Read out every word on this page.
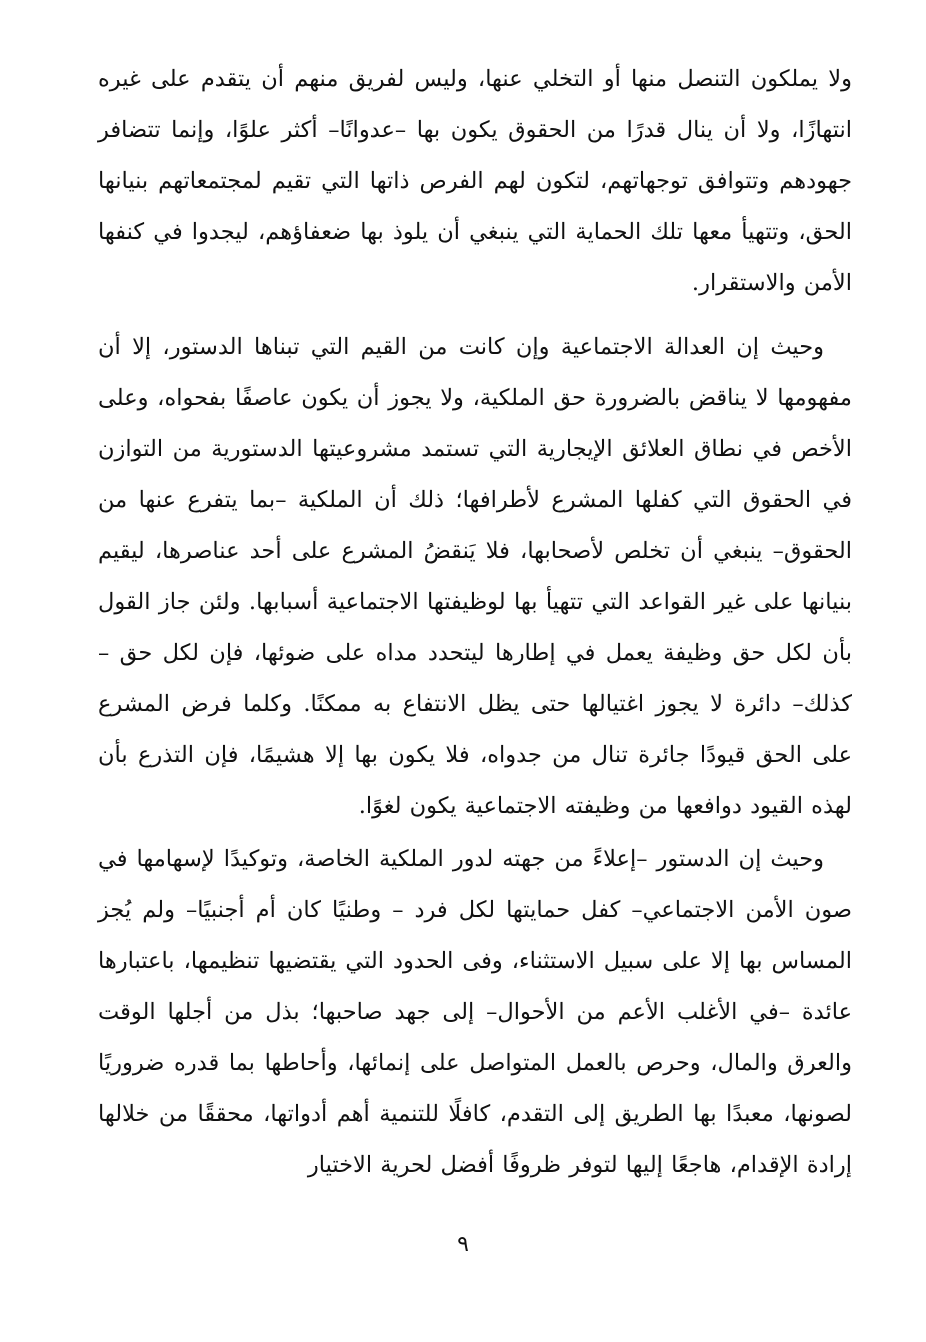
ولا يملكون التنصل منها أو التخلي عنها، وليس لفريق منهم أن يتقدم على غيره انتهازًا، ولا أن ينال قدرًا من الحقوق يكون بها –عدوانًا– أكثر علوًا، وإنما تتضافر جهودهم وتتوافق توجهاتهم، لتكون لهم الفرص ذاتها التي تقيم لمجتمعاتهم بنيانها الحق، وتتهيأ معها تلك الحماية التي ينبغي أن يلوذ بها ضعفاؤهم، ليجدوا في كنفها الأمن والاستقرار.

وحيث إن العدالة الاجتماعية وإن كانت من القيم التي تبناها الدستور، إلا أن مفهومها لا يناقض بالضرورة حق الملكية، ولا يجوز أن يكون عاصفًا بفحواه، وعلى الأخص في نطاق العلائق الإيجارية التي تستمد مشروعيتها الدستورية من التوازن في الحقوق التي كفلها المشرع لأطرافها؛ ذلك أن الملكية –بما يتفرع عنها من الحقوق– ينبغي أن تخلص لأصحابها، فلا يَنقضُ المشرع على أحد عناصرها، ليقيم بنيانها على غير القواعد التي تتهيأ بها لوظيفتها الاجتماعية أسبابها. ولئن جاز القول بأن لكل حق وظيفة يعمل في إطارها ليتحدد مداه على ضوئها، فإن لكل حق –كذلك– دائرة لا يجوز اغتيالها حتى يظل الانتفاع به ممكنًا. وكلما فرض المشرع على الحق قيودًا جائرة تنال من جدواه، فلا يكون بها إلا هشيمًا، فإن التذرع بأن لهذه القيود دوافعها من وظيفته الاجتماعية يكون لغوًا.

وحيث إن الدستور –إعلاءً من جهته لدور الملكية الخاصة، وتوكيدًا لإسهامها في صون الأمن الاجتماعي– كفل حمايتها لكل فرد – وطنيًا كان أم أجنبيًا– ولم يُجز المساس بها إلا على سبيل الاستثناء، وفى الحدود التي يقتضيها تنظيمها، باعتبارها عائدة –في الأغلب الأعم من الأحوال– إلى جهد صاحبها؛ بذل من أجلها الوقت والعرق والمال، وحرص بالعمل المتواصل على إنمائها، وأحاطها بما قدره ضروريًا لصونها، معبدًا بها الطريق إلى التقدم، كافلًا للتنمية أهم أدواتها، محققًا من خلالها إرادة الإقدام، هاجعًا إليها لتوفر ظروفًا أفضل لحرية الاختيار

٩
